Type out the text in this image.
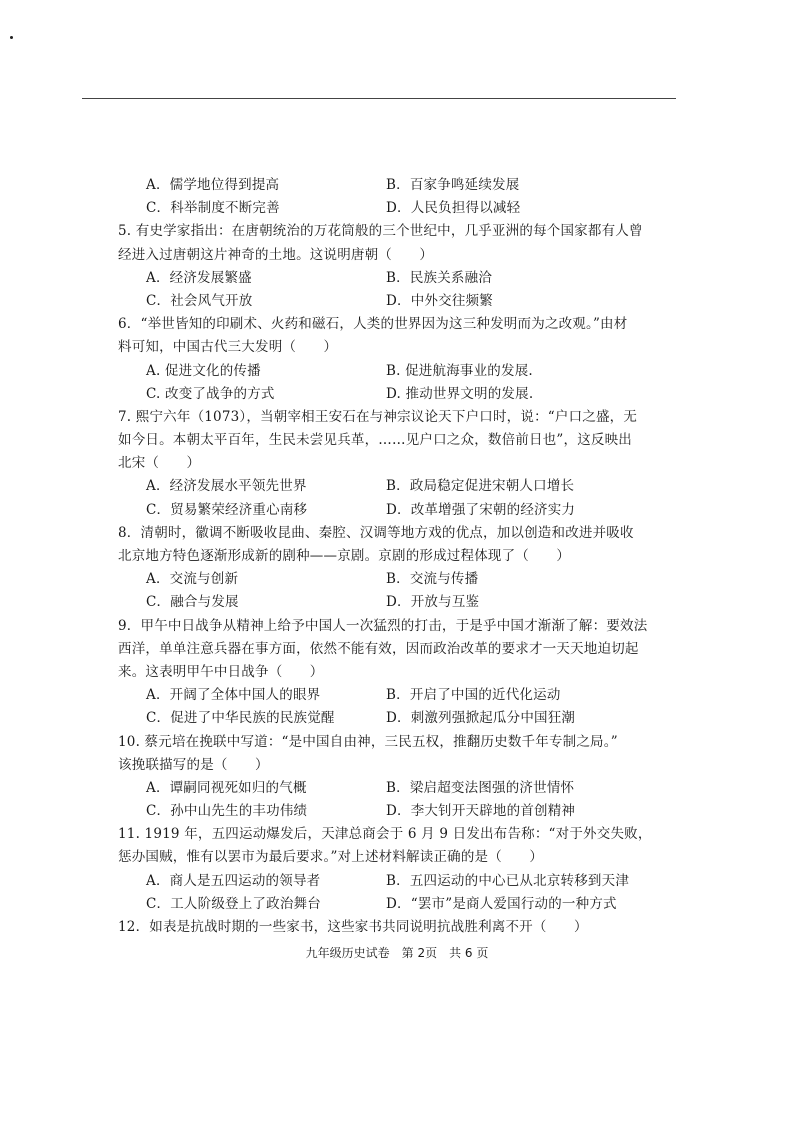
A．儒学地位得到提高	B．百家争鸣延续发展
C．科举制度不断完善	D．人民负担得以减轻
5. 有史学家指出：在唐朝统治的万花筒般的三个世纪中，几乎亚洲的每个国家都有人曾
经进入过唐朝这片神奇的土地。这说明唐朝（　　）
A．经济发展繁盛	B．民族关系融洽
C．社会风气开放	D．中外交往频繁
6．“举世皆知的印刷术、火药和磁石，人类的世界因为这三种发明而为之改观。”由材
料可知，中国古代三大发明（　　）
A. 促进文化的传播	B. 促进航海事业的发展.
C. 改变了战争的方式	D. 推动世界文明的发展.
7. 熙宁六年（1073），当朝宰相王安石在与神宗议论天下户口时，说：“户口之盛，无
如今日。本朝太平百年，生民未尝见兵革，……见户口之众，数倍前日也”，这反映出
北宋（　　）
A．经济发展水平领先世界	B．政局稳定促进宋朝人口增长
C．贸易繁荣经济重心南移	D．改革增强了宋朝的经济实力
8．清朝时，徽调不断吸收昆曲、秦腔、汉调等地方戏的优点，加以创造和改进并吸收
北京地方特色逐渐形成新的剧种——京剧。京剧的形成过程体现了（　　）
A．交流与创新	B．交流与传播
C．融合与发展	D．开放与互鉴
9．甲午中日战争从精神上给予中国人一次猛烈的打击，于是乎中国才渐渐了解：要效法
西洋，单单注意兵器在事方面，依然不能有效，因而政治改革的要求才一天天地迫切起
来。这表明甲午中日战争（　　）
A．开阔了全体中国人的眼界	B．开启了中国的近代化运动
C．促进了中华民族的民族觉醒	D．刺激列强掀起瓜分中国狂潮
10. 蔡元培在挽联中写道：“是中国自由神，三民五权，推翻历史数千年专制之局。”
该挽联描写的是（　　）
A．谭嗣同视死如归的气概	B．梁启超变法图强的济世情怀
C．孙中山先生的丰功伟绩	D．李大钊开天辟地的首创精神
11. 1919 年，五四运动爆发后，天津总商会于 6 月 9 日发出布告称：“对于外交失败，
惩办国贼，惟有以罢市为最后要求。”对上述材料解读正确的是（　　）
A．商人是五四运动的领导者	B．五四运动的中心已从北京转移到天津
C．工人阶级登上了政治舞台	D．“罢市”是商人爱国行动的一种方式
12．如表是抗战时期的一些家书，这些家书共同说明抗战胜利离不开（　　）
九年级历史试卷　第 2页　共 6 页
